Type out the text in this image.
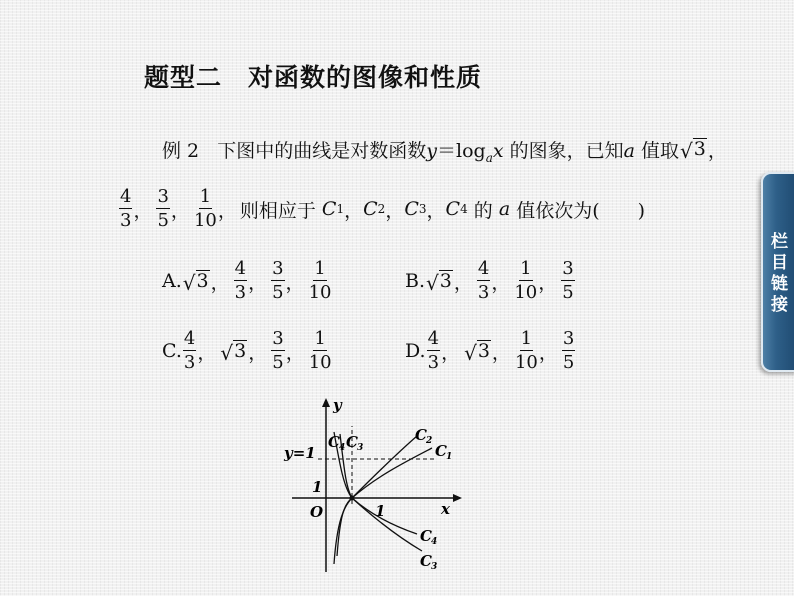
题型二　对函数的图像和性质
例 2 下图中的曲线是对数函数$y=\log_ax$ 的图象，已知a 值取 √ 3 ，
$\frac{4}{3}$ ， $\frac{3}{5}$ ， $\frac{1}{10}$ ， 则相应于
C 1 ， C 2 ， C 3 ， C 4
的
a
值依次为(　　)
A. √ 3 ， $\frac{4}{3}$ ， $\frac{3}{5}$ ， $\frac{1}{10}$	B. √ 3 ， $\frac{4}{3}$ ， $\frac{1}{10}$ ， $\frac{3}{5}$
C. $\frac{4}{3}$ ， √ 3 ， $\frac{3}{5}$ ， $\frac{1}{10}$	D. $\frac{4}{3}$ ， √ 3 ， $\frac{1}{10}$ ， $\frac{3}{5}$
y
x
O
y=1
1
1
C 4 C 3
C 2
C 1
C 4
C 3
栏目链接
